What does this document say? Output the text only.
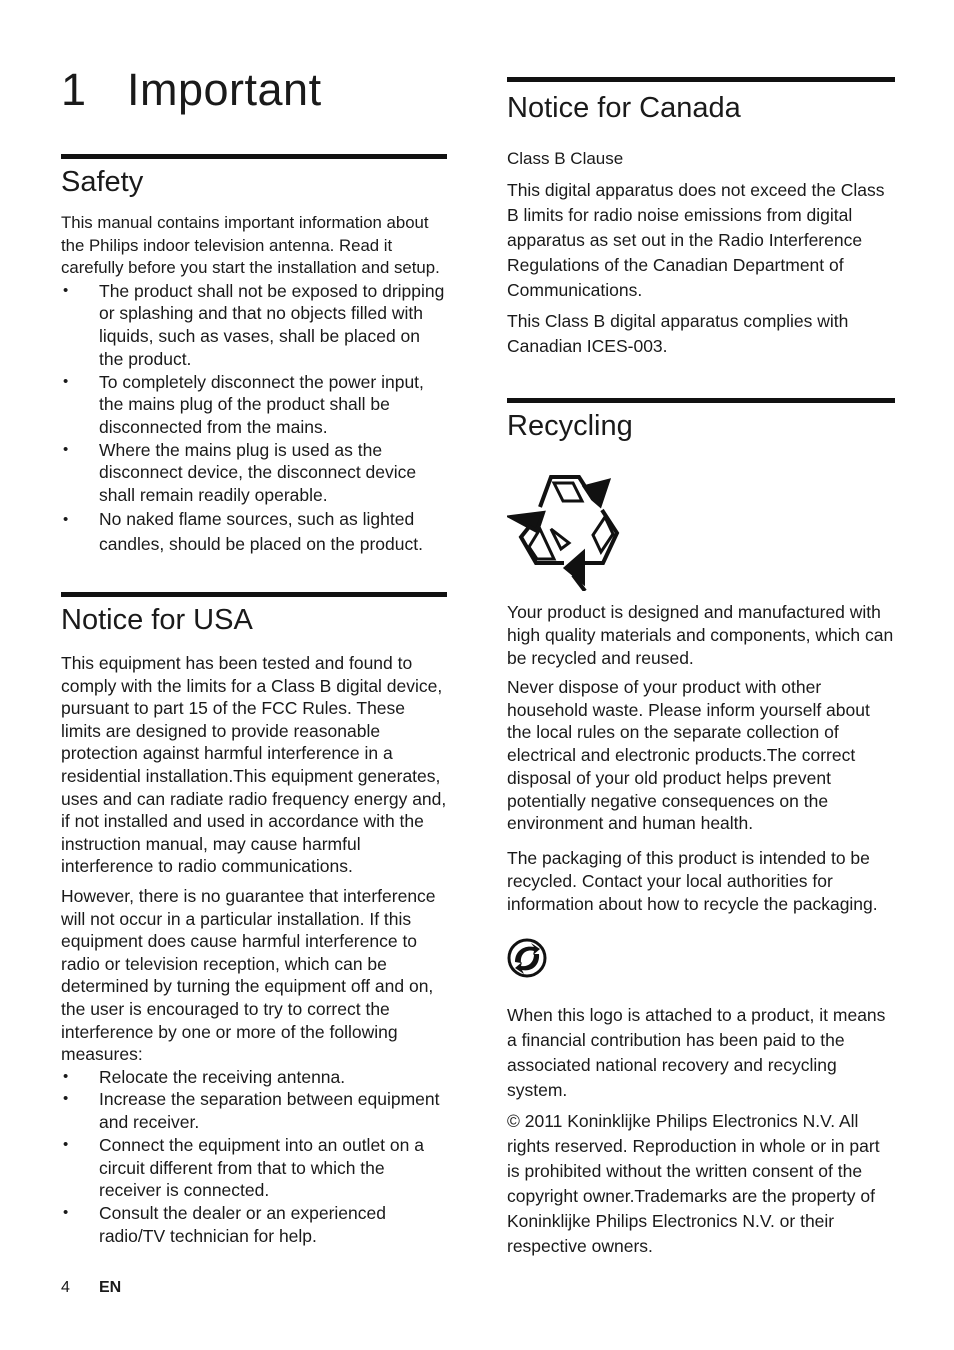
1 Important
Safety

This manual contains important information about the Philips indoor television antenna. Read it carefully before you start the installation and setup.

• The product shall not be exposed to dripping or splashing and that no objects filled with liquids, such as vases, shall be placed on the product.
• To completely disconnect the power input, the mains plug of the product shall be disconnected from the mains.
• Where the mains plug is used as the disconnect device, the disconnect device shall remain readily operable.
• No naked flame sources, such as lighted candles, should be placed on the product.
Notice for USA

This equipment has been tested and found to comply with the limits for a Class B digital device, pursuant to part 15 of the FCC Rules. These limits are designed to provide reasonable protection against harmful interference in a residential installation.This equipment generates, uses and can radiate radio frequency energy and, if not installed and used in accordance with the instruction manual, may cause harmful interference to radio communications.

However, there is no guarantee that interference will not occur in a particular installation. If this equipment does cause harmful interference to radio or television reception, which can be determined by turning the equipment off and on, the user is encouraged to try to correct the interference by one or more of the following measures:

• Relocate the receiving antenna.
• Increase the separation between equipment and receiver.
• Connect the equipment into an outlet on a circuit different from that to which the receiver is connected.
• Consult the dealer or an experienced radio/TV technician for help.
Notice for Canada
Class B Clause

This digital apparatus does not exceed the Class B limits for radio noise emissions from digital apparatus as set out in the Radio Interference Regulations of the Canadian Department of Communications.

This Class B digital apparatus complies with Canadian ICES-003.

Recycling

Your product is designed and manufactured with high quality materials and components, which can be recycled and reused.

Never dispose of your product with other household waste. Please inform yourself about the local rules on the separate collection of electrical and electronic products.The correct disposal of your old product helps prevent potentially negative consequences on the environment and human health.

The packaging of this product is intended to be recycled. Contact your local authorities for information about how to recycle the packaging.

When this logo is attached to a product, it means a financial contribution has been paid to the associated national recovery and recycling system.

© 2011 Koninklijke Philips Electronics N.V. All rights reserved. Reproduction in whole or in part is prohibited without the written consent of the copyright owner.Trademarks are the property of Koninklijke Philips Electronics N.V. or their respective owners.

4 EN
